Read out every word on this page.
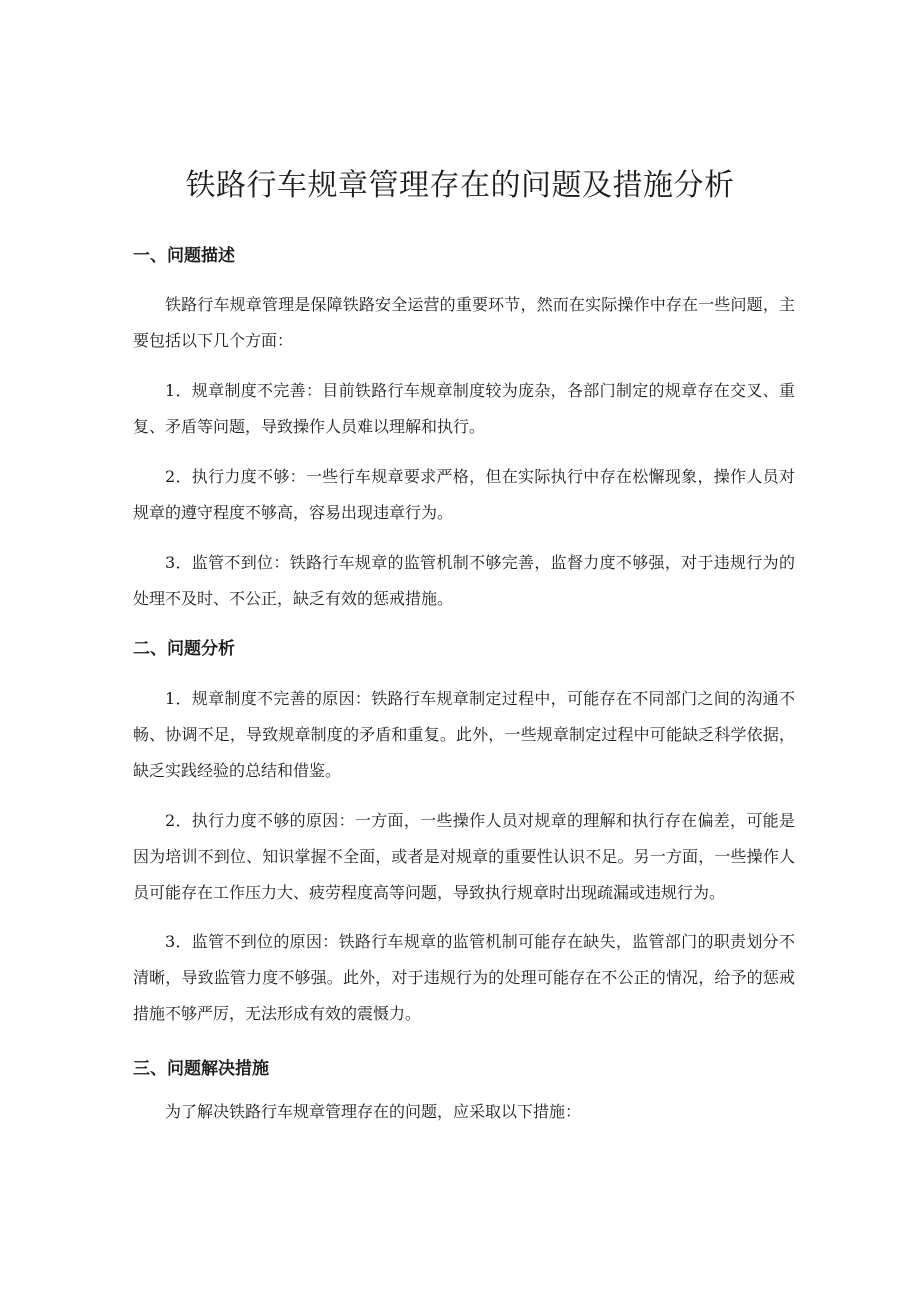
铁路行车规章管理存在的问题及措施分析
一、问题描述

铁路行车规章管理是保障铁路安全运营的重要环节，然而在实际操作中存在一些问题，主要包括以下几个方面：

1．规章制度不完善：目前铁路行车规章制度较为庞杂，各部门制定的规章存在交叉、重复、矛盾等问题，导致操作人员难以理解和执行。

2．执行力度不够：一些行车规章要求严格，但在实际执行中存在松懈现象，操作人员对规章的遵守程度不够高，容易出现违章行为。

3．监管不到位：铁路行车规章的监管机制不够完善，监督力度不够强，对于违规行为的处理不及时、不公正，缺乏有效的惩戒措施。

二、问题分析

1．规章制度不完善的原因：铁路行车规章制定过程中，可能存在不同部门之间的沟通不畅、协调不足，导致规章制度的矛盾和重复。此外，一些规章制定过程中可能缺乏科学依据，缺乏实践经验的总结和借鉴。

2．执行力度不够的原因：一方面，一些操作人员对规章的理解和执行存在偏差，可能是因为培训不到位、知识掌握不全面，或者是对规章的重要性认识不足。另一方面，一些操作人员可能存在工作压力大、疲劳程度高等问题，导致执行规章时出现疏漏或违规行为。

3．监管不到位的原因：铁路行车规章的监管机制可能存在缺失，监管部门的职责划分不清晰，导致监管力度不够强。此外，对于违规行为的处理可能存在不公正的情况，给予的惩戒措施不够严厉，无法形成有效的震慑力。

三、问题解决措施

为了解决铁路行车规章管理存在的问题，应采取以下措施：
